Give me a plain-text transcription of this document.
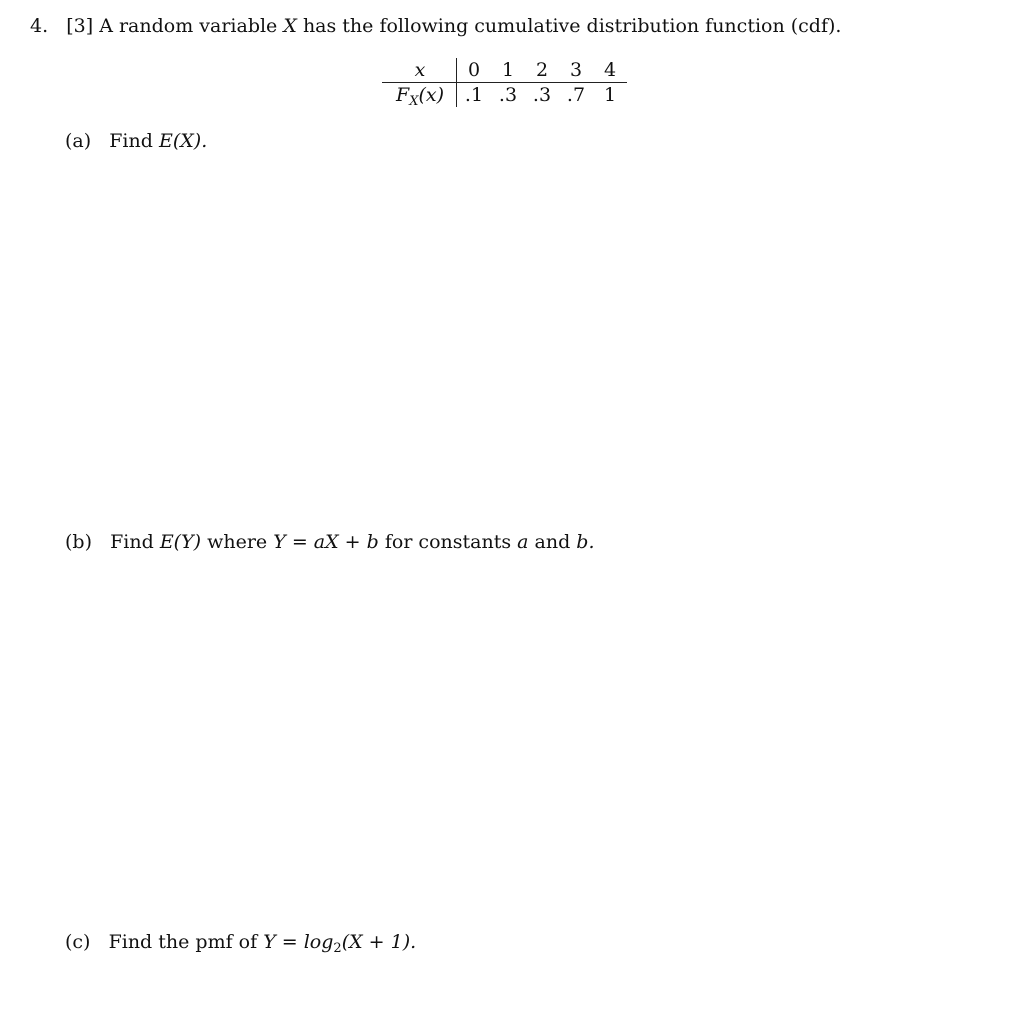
4. [3] A random variable X has the following cumulative distribution function (cdf).
x	0	1	2	3	4
$F_X(x)$	.1	.3	.3	.7	1
(a) Find E(X).
(b) Find E(Y) where Y = aX + b for constants a and b.
(c) Find the pmf of $Y = \log_2(X + 1)$.
